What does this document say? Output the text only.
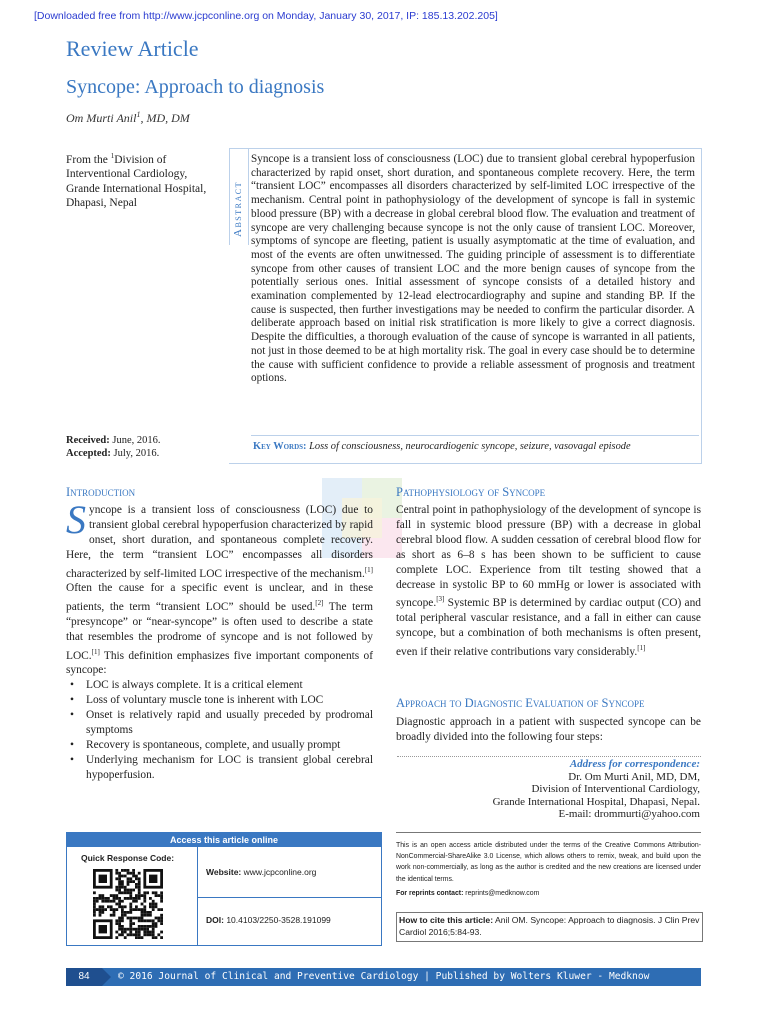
[Downloaded free from http://www.jcpconline.org on Monday, January 30, 2017, IP: 185.13.202.205]
Review Article
Syncope: Approach to diagnosis
Om Murti Anil$^1$, MD, DM
From the $^1$Division of Interventional Cardiology, Grande International Hospital, Dhapasi, Nepal
Received: June, 2016.
Accepted: July, 2016.
Abstract
Syncope is a transient loss of consciousness (LOC) due to transient global cerebral hypoperfusion characterized by rapid onset, short duration, and spontaneous complete recovery. Here, the term “transient LOC” encompasses all disorders characterized by self-limited LOC irrespective of the mechanism. Central point in pathophysiology of the development of syncope is fall in systemic blood pressure (BP) with a decrease in global cerebral blood flow. The evaluation and treatment of syncope are very challenging because syncope is not the only cause of transient LOC. Moreover, symptoms of syncope are fleeting, patient is usually asymptomatic at the time of evaluation, and most of the events are often unwitnessed. The guiding principle of assessment is to differentiate syncope from other causes of transient LOC and the more benign causes of syncope from the potentially serious ones. Initial assessment of syncope consists of a detailed history and examination complemented by 12-lead electrocardiography and supine and standing BP. If the cause is suspected, then further investigations may be needed to confirm the particular disorder. A deliberate approach based on initial risk stratification is more likely to give a correct diagnosis. Despite the difficulties, a thorough evaluation of the cause of syncope is warranted in all patients, not just in those deemed to be at high mortality risk. The goal in every case should be to determine the cause with sufficient confidence to provide a reliable assessment of prognosis and treatment options.
Key Words: Loss of consciousness, neurocardiogenic syncope, seizure, vasovagal episode
Introduction
Syncope is a transient loss of consciousness (LOC) due to transient global cerebral hypoperfusion characterized by rapid onset, short duration, and spontaneous complete recovery. Here, the term “transient LOC” encompasses all disorders characterized by self-limited LOC irrespective of the mechanism.[1] Often the cause for a specific event is unclear, and in these patients, the term “transient LOC” should be used.[2] The term “presyncope” or “near-syncope” is often used to describe a state that resembles the prodrome of syncope and is not followed by LOC.[1] This definition emphasizes five important components of syncope:
• LOC is always complete. It is a critical element
• Loss of voluntary muscle tone is inherent with LOC
• Onset is relatively rapid and usually preceded by prodromal symptoms
• Recovery is spontaneous, complete, and usually prompt
• Underlying mechanism for LOC is transient global cerebral hypoperfusion.
Pathophysiology of Syncope
Central point in pathophysiology of the development of syncope is fall in systemic blood pressure (BP) with a decrease in global cerebral blood flow. A sudden cessation of cerebral blood flow for as short as 6–8 s has been shown to be sufficient to cause complete LOC. Experience from tilt testing showed that a decrease in systolic BP to 60 mmHg or lower is associated with syncope.[3] Systemic BP is determined by cardiac output (CO) and total peripheral vascular resistance, and a fall in either can cause syncope, but a combination of both mechanisms is often present, even if their relative contributions vary considerably.[1]
Approach to Diagnostic Evaluation of Syncope
Diagnostic approach in a patient with suspected syncope can be broadly divided into the following four steps:
Address for correspondence:
Dr. Om Murti Anil, MD, DM,
Division of Interventional Cardiology,
Grande International Hospital, Dhapasi, Nepal.
E-mail: drommurti@yahoo.com
Access this article online
Quick Response Code:
Website: www.jcpconline.org
DOI: 10.4103/2250-3528.191099
This is an open access article distributed under the terms of the Creative Commons Attribution-NonCommercial-ShareAlike 3.0 License, which allows others to remix, tweak, and build upon the work non-commercially, as long as the author is credited and the new creations are licensed under the identical terms.
For reprints contact: reprints@medknow.com
How to cite this article: Anil OM. Syncope: Approach to diagnosis. J Clin Prev Cardiol 2016;5:84-93.
84	© 2016 Journal of Clinical and Preventive Cardiology | Published by Wolters Kluwer - Medknow
